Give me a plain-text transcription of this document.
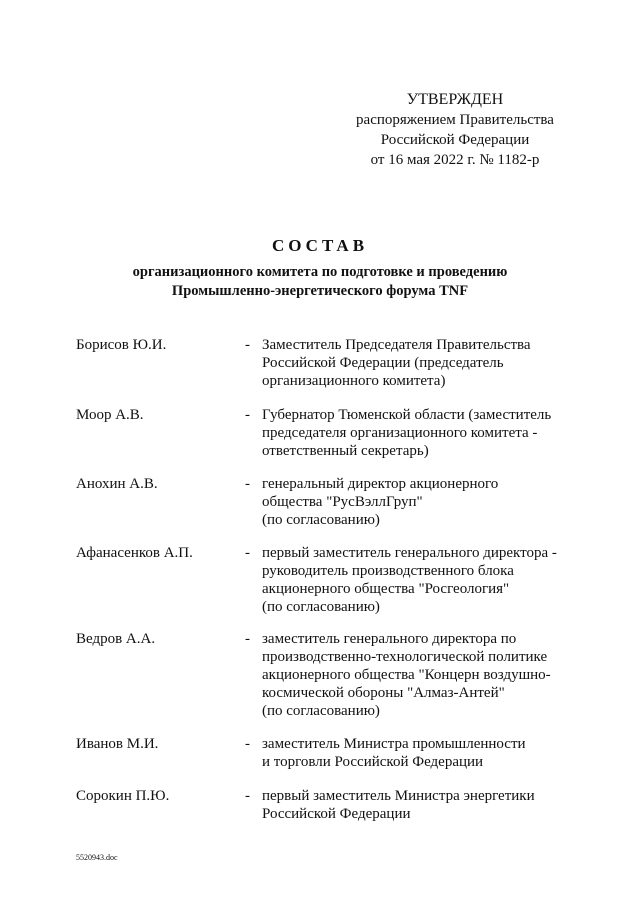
УТВЕРЖДЕН
распоряжением Правительства
Российской Федерации
от 16 мая 2022 г. № 1182-р
СОСТАВ
организационного комитета по подготовке и проведению
Промышленно-энергетического форума TNF
Борисов Ю.И.	- Заместитель Председателя Правительства
Российской Федерации (председатель
организационного комитета)
Моор А.В.	- Губернатор Тюменской области (заместитель
председателя организационного комитета -
ответственный секретарь)
Анохин А.В.	- генеральный директор акционерного
общества "РусВэллГруп"
(по согласованию)
Афанасенков А.П.	- первый заместитель генерального директора -
руководитель производственного блока
акционерного общества "Росгеология"
(по согласованию)
Ведров А.А.	- заместитель генерального директора по
производственно-технологической политике
акционерного общества "Концерн воздушно-
космической обороны "Алмаз-Антей"
(по согласованию)
Иванов М.И.	- заместитель Министра промышленности
и торговли Российской Федерации
Сорокин П.Ю.	- первый заместитель Министра энергетики
Российской Федерации
5520943.doc
